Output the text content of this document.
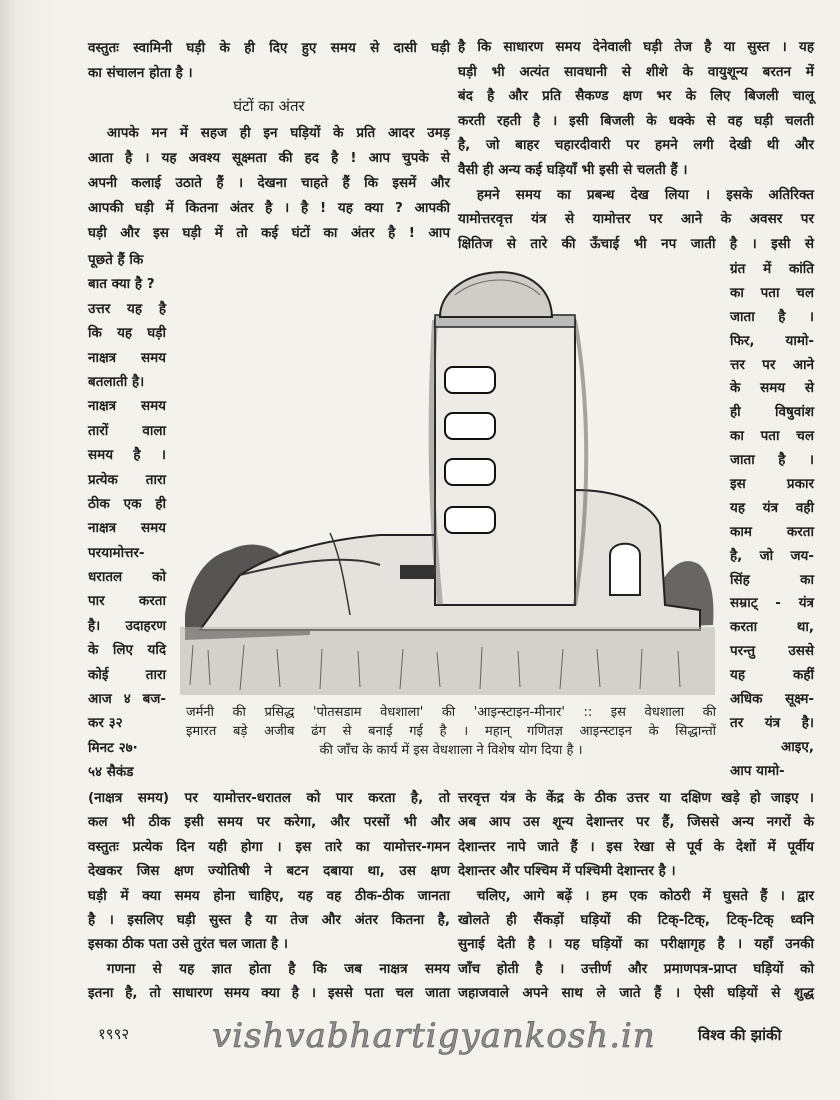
वस्तुतः स्वामिनी घड़ी के ही दिए हुए समय से दासी घड़ी
का संचालन होता है ।
घंटों का अंतर
आपके मन में सहज ही इन घड़ियों के प्रति आदर उमड़
आता है । यह अवश्य सूक्ष्मता की हद है ! आप चुपके से
अपनी कलाई उठाते हैं । देखना चाहते हैं कि इसमें और
आपकी घड़ी में कितना अंतर है । है ! यह क्या ? आपकी
घड़ी और इस घड़ी में तो कई घंटों का अंतर है ! आप
है कि साधारण समय देनेवाली घड़ी तेज है या सुस्त । यह
घड़ी भी अत्यंत सावधानी से शीशे के वायुशून्य बरतन में
बंद है और प्रति सैकण्ड क्षण भर के लिए बिजली चालू
करती रहती है । इसी बिजली के धक्के से वह घड़ी चलती
है, जो बाहर चहारदीवारी पर हमने लगी देखी थी और
वैसी ही अन्य कई घड़ियाँ भी इसी से चलती हैं ।
हमने समय का प्रबन्ध देख लिया । इसके अतिरिक्त
यामोत्तरवृत्त यंत्र से यामोत्तर पर आने के अवसर पर
क्षितिज से तारे की ऊँचाई भी नप जाती है । इसी से
पूछते हैं कि
बात क्या है ?
उत्तर यह है
कि यह घड़ी
नाक्षत्र समय
बतलाती है।
नाक्षत्र समय
तारों वाला
समय है ।
प्रत्येक तारा
ठीक एक ही
नाक्षत्र समय
परयामोत्तर-
धरातल को
पार करता
है। उदाहरण
के लिए यदि
कोई तारा
आज ४ बज-
कर ३२
मिनट २७·
५४ सैकंड
ग्रंत में कांति
का पता चल
जाता है ।
फिर, यामो-
त्तर पर आने
के समय से
ही विषुवांश
का पता चल
जाता है ।
इस प्रकार
यह यंत्र वही
काम करता
है, जो जय-
सिंह का
सम्राट् - यंत्र
करता था,
परन्तु उससे
यह कहीं
अधिक सूक्ष्म-
तर यंत्र है।
आइए,
आप यामो-
जर्मनी की प्रसिद्ध 'पोतसडाम वेधशाला' की 'आइन्स्टाइन-मीनार' :: इस वेधशाला की
इमारत बड़े अजीब ढंग से बनाई गई है । महान् गणितज्ञ आइन्स्टाइन के सिद्धान्तों
की जाँच के कार्य में इस वेधशाला ने विशेष योग दिया है ।
(नाक्षत्र समय) पर यामोत्तर-धरातल को पार करता है, तो
कल भी ठीक इसी समय पर करेगा, और परसों भी और
वस्तुतः प्रत्येक दिन यही होगा । इस तारे का यामोत्तर-गमन
देखकर जिस क्षण ज्योतिषी ने बटन दबाया था, उस क्षण
घड़ी में क्या समय होना चाहिए, यह वह ठीक-ठीक जानता
है । इसलिए घड़ी सुस्त है या तेज और अंतर कितना है,
इसका ठीक पता उसे तुरंत चल जाता है ।
गणना से यह ज्ञात होता है कि जब नाक्षत्र समय
इतना है, तो साधारण समय क्या है । इससे पता चल जाता
त्तरवृत्त यंत्र के केंद्र के ठीक उत्तर या दक्षिण खड़े हो जाइए ।
अब आप उस शून्य देशान्तर पर हैं, जिससे अन्य नगरों के
देशान्तर नापे जाते हैं । इस रेखा से पूर्व के देशों में पूर्वीय
देशान्तर और पश्चिम में पश्चिमी देशान्तर है ।
चलिए, आगे बढ़ें । हम एक कोठरी में घुसते हैं । द्वार
खोलते ही सैंकड़ों घड़ियों की टिक्-टिक्, टिक्-टिक् ध्वनि
सुनाई देती है । यह घड़ियों का परीक्षागृह है । यहाँ उनकी
जाँच होती है । उत्तीर्ण और प्रमाणपत्र-प्राप्त घड़ियों को
जहाजवाले अपने साथ ले जाते हैं । ऐसी घड़ियों से शुद्ध
१९९२ vishvabhartigyankosh.in	विश्व की झांकी
